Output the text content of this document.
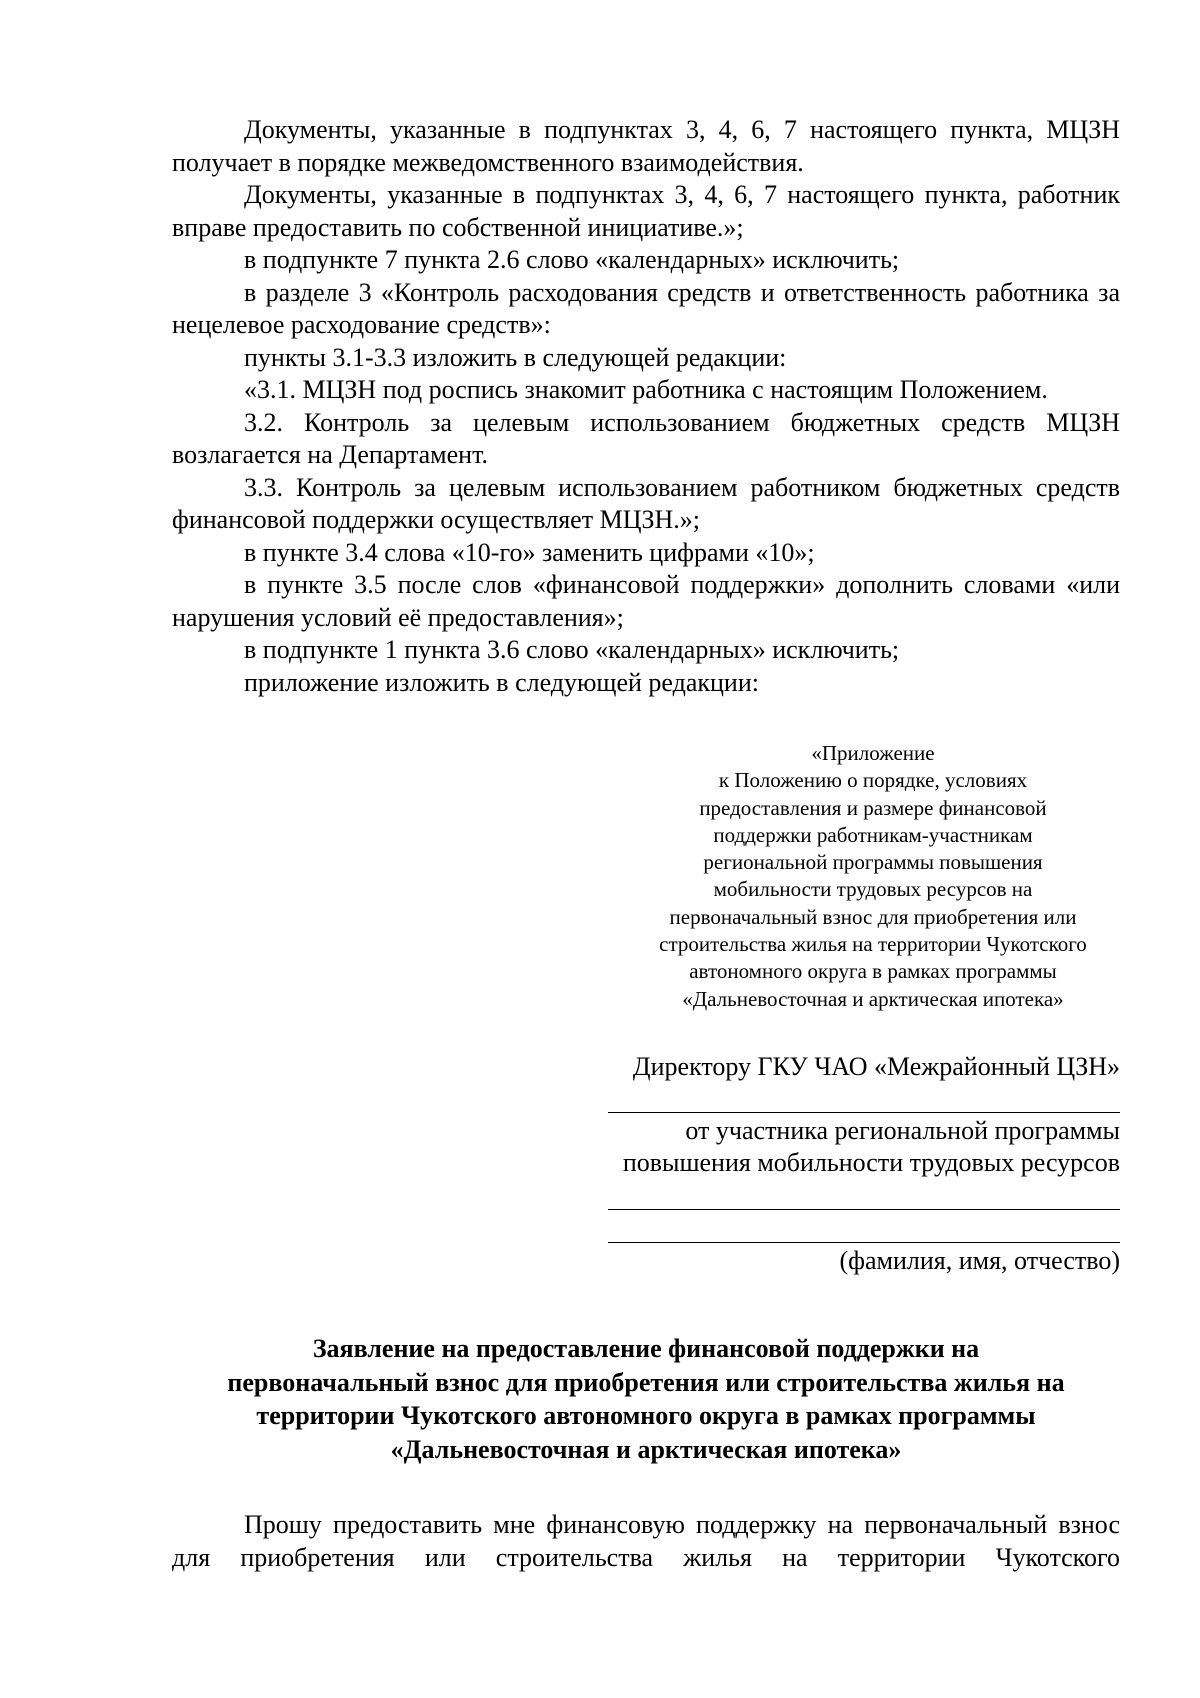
Документы, указанные в подпунктах 3, 4, 6, 7 настоящего пункта, МЦЗН получает в порядке межведомственного взаимодействия.

Документы, указанные в подпунктах 3, 4, 6, 7 настоящего пункта, работник вправе предоставить по собственной инициативе.»;

в подпункте 7 пункта 2.6 слово «календарных» исключить;

в разделе 3 «Контроль расходования средств и ответственность работника за нецелевое расходование средств»:

пункты 3.1-3.3 изложить в следующей редакции:

«3.1. МЦЗН под роспись знакомит работника с настоящим Положением.

3.2. Контроль за целевым использованием бюджетных средств МЦЗН возлагается на Департамент.

3.3. Контроль за целевым использованием работником бюджетных средств финансовой поддержки осуществляет МЦЗН.»;

в пункте 3.4 слова «10-го» заменить цифрами «10»;

в пункте 3.5 после слов «финансовой поддержки» дополнить словами «или нарушения условий её предоставления»;

в подпункте 1 пункта 3.6 слово «календарных» исключить;

приложение изложить в следующей редакции:

«Приложение
к Положению о порядке, условиях
предоставления и размере финансовой
поддержки работникам-участникам
региональной программы повышения
мобильности трудовых ресурсов на
первоначальный взнос для приобретения или
строительства жилья на территории Чукотского
автономного округа в рамках программы
«Дальневосточная и арктическая ипотека»
Директору ГКУ ЧАО «Межрайонный ЦЗН»
от участника региональной программы
повышения мобильности трудовых ресурсов
(фамилия, имя, отчество)
Заявление на предоставление финансовой поддержки на
первоначальный взнос для приобретения или строительства жилья на
территории Чукотского автономного округа в рамках программы
«Дальневосточная и арктическая ипотека»

Прошу предоставить мне финансовую поддержку на первоначальный взнос для приобретения или строительства жилья на территории Чукотского
